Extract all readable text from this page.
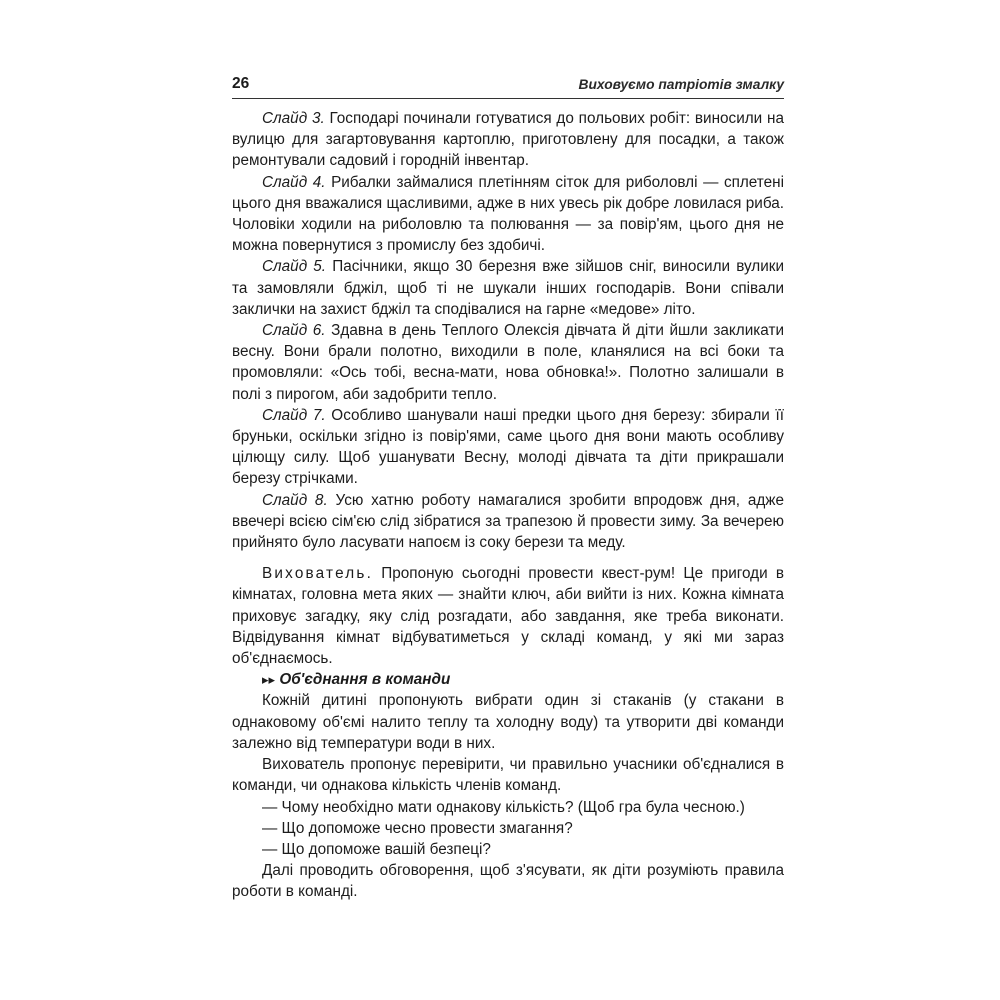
26	Виховуємо патріотів змалку

Слайд 3. Господарі починали готуватися до польових робіт: виносили на вулицю для загартовування картоплю, приготовлену для посадки, а також ремонтували садовий і городній інвентар.

Слайд 4. Рибалки займалися плетінням сіток для риболовлі — сплетені цього дня вважалися щасливими, адже в них увесь рік добре ловилася риба. Чоловіки ходили на риболовлю та полювання — за повір'ям, цього дня не можна повернутися з промислу без здобичі.

Слайд 5. Пасічники, якщо 30 березня вже зійшов сніг, виносили вулики та замовляли бджіл, щоб ті не шукали інших господарів. Вони співали заклички на захист бджіл та сподівалися на гарне «медове» літо.

Слайд 6. Здавна в день Теплого Олексія дівчата й діти йшли закликати весну. Вони брали полотно, виходили в поле, кланялися на всі боки та промовляли: «Ось тобі, весна-мати, нова обновка!». Полотно залишали в полі з пирогом, аби задобрити тепло.

Слайд 7. Особливо шанували наші предки цього дня березу: збирали її бруньки, оскільки згідно із повір'ями, саме цього дня вони мають особливу цілющу силу. Щоб ушанувати Весну, молоді дівчата та діти прикрашали березу стрічками.

Слайд 8. Усю хатню роботу намагалися зробити впродовж дня, адже ввечері всією сім'єю слід зібратися за трапезою й провести зиму. За вечерею прийнято було ласувати напоєм із соку берези та меду.

Вихователь. Пропоную сьогодні провести квест-рум! Це пригоди в кімнатах, головна мета яких — знайти ключ, аби вийти із них. Кожна кімната приховує загадку, яку слід розгадати, або завдання, яке треба виконати. Відвідування кімнат відбуватиметься у складі команд, у які ми зараз об'єднаємось.

▸▸ Об'єднання в команди

Кожній дитині пропонують вибрати один зі стаканів (у стакани в однаковому об'ємі налито теплу та холодну воду) та утворити дві команди залежно від температури води в них.

Вихователь пропонує перевірити, чи правильно учасники об'єдналися в команди, чи однакова кількість членів команд.

— Чому необхідно мати однакову кількість? (Щоб гра була чесною.)

— Що допоможе чесно провести змагання?

— Що допоможе вашій безпеці?

Далі проводить обговорення, щоб з'ясувати, як діти розуміють правила роботи в команді.
